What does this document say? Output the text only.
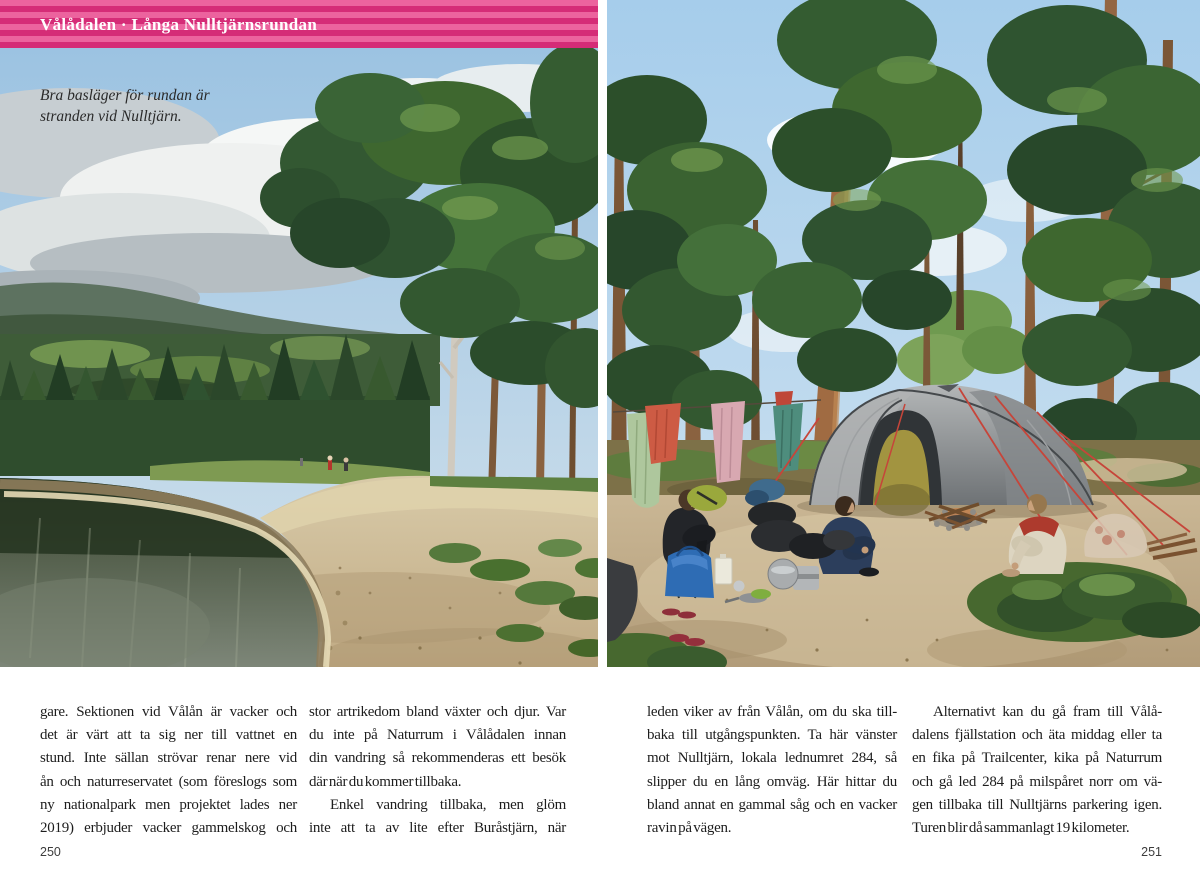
Vålådalen · Långa Nulltjärnsrundan
Bra basläger för rundan är
stranden vid Nulltjärn.
gare. Sektionen vid Vålån är vacker och
det är värt att ta sig ner till vattnet en
stund. Inte sällan strövar renar nere vid
ån och naturreservatet (som föreslogs som
ny nationalpark men projektet lades ner
2019) erbjuder vacker gammelskog och
stor artrikedom bland växter och djur. Var
du inte på Naturrum i Vålådalen innan
din vandring så rekommenderas ett besök
där när du kommer tillbaka.
Enkel vandring tillbaka, men glöm
inte att ta av lite efter Buråstjärn, när
leden viker av från Vålån, om du ska till-
baka till utgångspunkten. Ta här vänster
mot Nulltjärn, lokala lednumret 284, så
slipper du en lång omväg. Här hittar du
bland annat en gammal såg och en vacker
ravin på vägen.
Alternativt kan du gå fram till Vålå-
dalens fjällstation och äta middag eller ta
en fika på Trailcenter, kika på Naturrum
och gå led 284 på milspåret norr om vä-
gen tillbaka till Nulltjärns parkering igen.
Turen blir då sammanlagt 19 kilometer.
250	251
